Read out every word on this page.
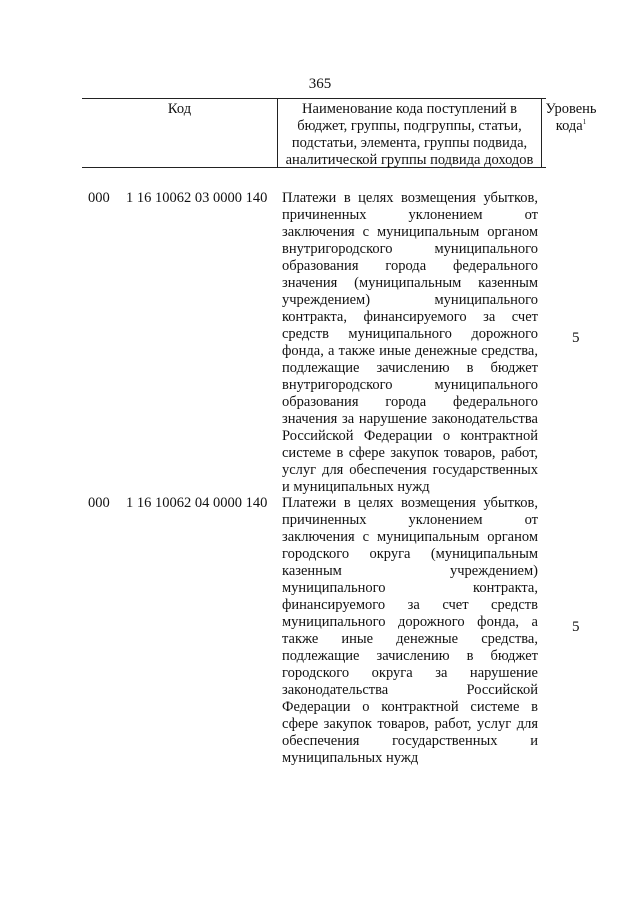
365
Код	Наименование кода поступлений в бюджет, группы, подгруппы, статьи, подстатьи, элемента, группы подвида, аналитической группы подвида доходов
Уровень кода$^1$
000 1 16 10062 03 0000 140 Платежи в целях возмещения убытков,
причиненных уклонением от
заключения с муниципальным органом
внутригородского муниципального
образования города федерального
значения (муниципальным казенным
учреждением) муниципального
контракта, финансируемого за счет
средств муниципального дорожного
фонда, а также иные денежные средства,
подлежащие зачислению в бюджет
внутригородского муниципального
образования города федерального
значения за нарушение законодательства
Российской Федерации о контрактной
системе в сфере закупок товаров, работ,
услуг для обеспечения государственных
и муниципальных нужд
5
000 1 16 10062 04 0000 140 Платежи в целях возмещения убытков,
причиненных уклонением от
заключения с муниципальным органом
городского округа (муниципальным
казенным учреждением)
муниципального контракта,
финансируемого за счет средств
муниципального дорожного фонда, а
также иные денежные средства,
подлежащие зачислению в бюджет
городского округа за нарушение
законодательства Российской
Федерации о контрактной системе в
сфере закупок товаров, работ, услуг для
обеспечения государственных и
муниципальных нужд
5
